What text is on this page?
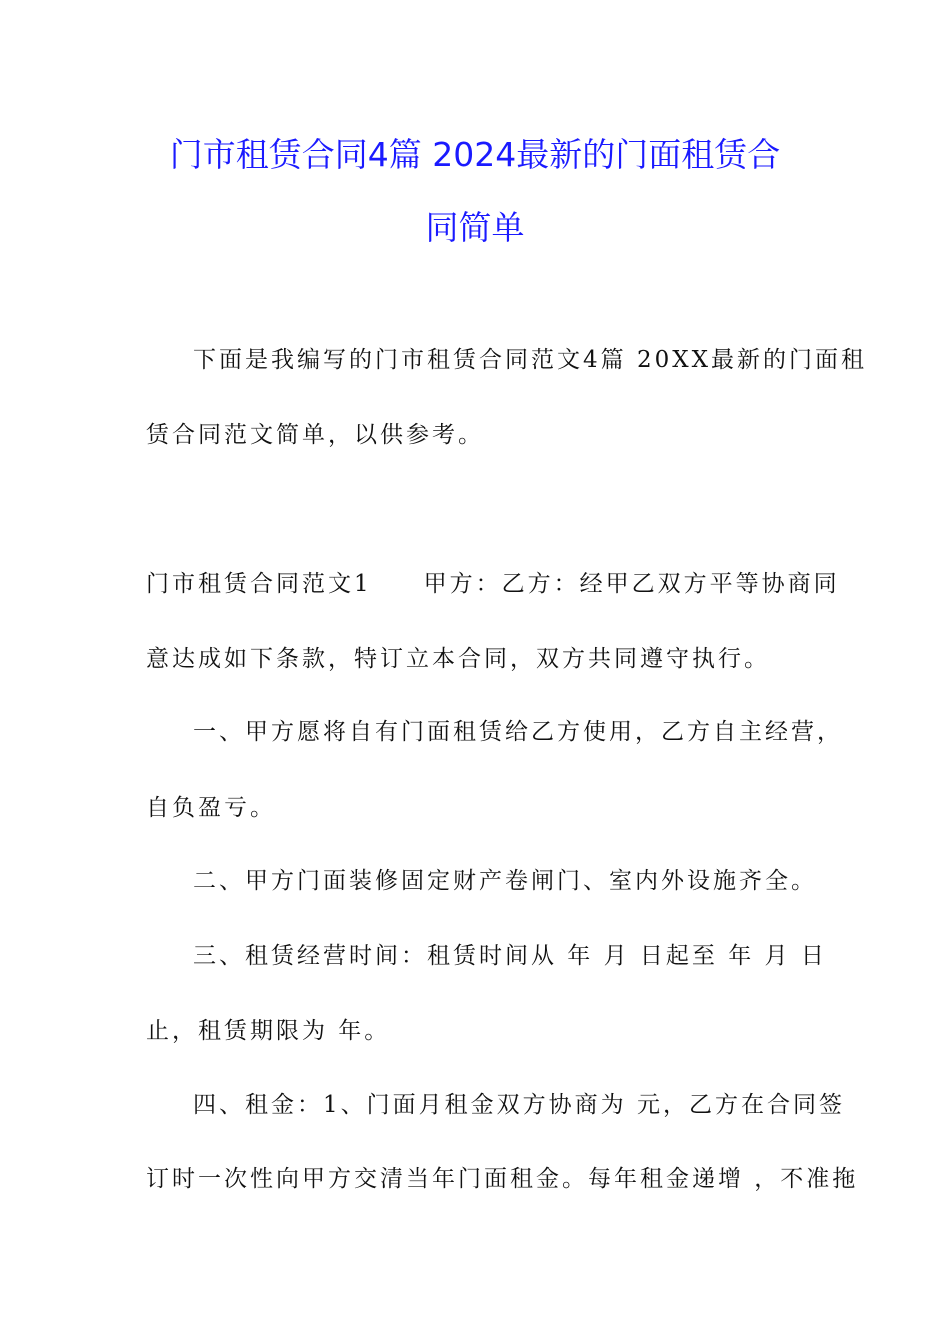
门市租赁合同4篇 2024最新的门面租赁合
同简单
下面是我编写的门市租赁合同范文4篇 20XX最新的门面租
赁合同范文简单，以供参考。
门市租赁合同范文1　　甲方：乙方：经甲乙双方平等协商同
意达成如下条款，特订立本合同，双方共同遵守执行。
一、甲方愿将自有门面租赁给乙方使用，乙方自主经营，
自负盈亏。
二、甲方门面装修固定财产卷闸门、室内外设施齐全。
三、租赁经营时间：租赁时间从 年 月 日起至 年 月 日
止，租赁期限为 年。
四、租金：1、门面月租金双方协商为 元，乙方在合同签
订时一次性向甲方交清当年门面租金。每年租金递增 ，不准拖
